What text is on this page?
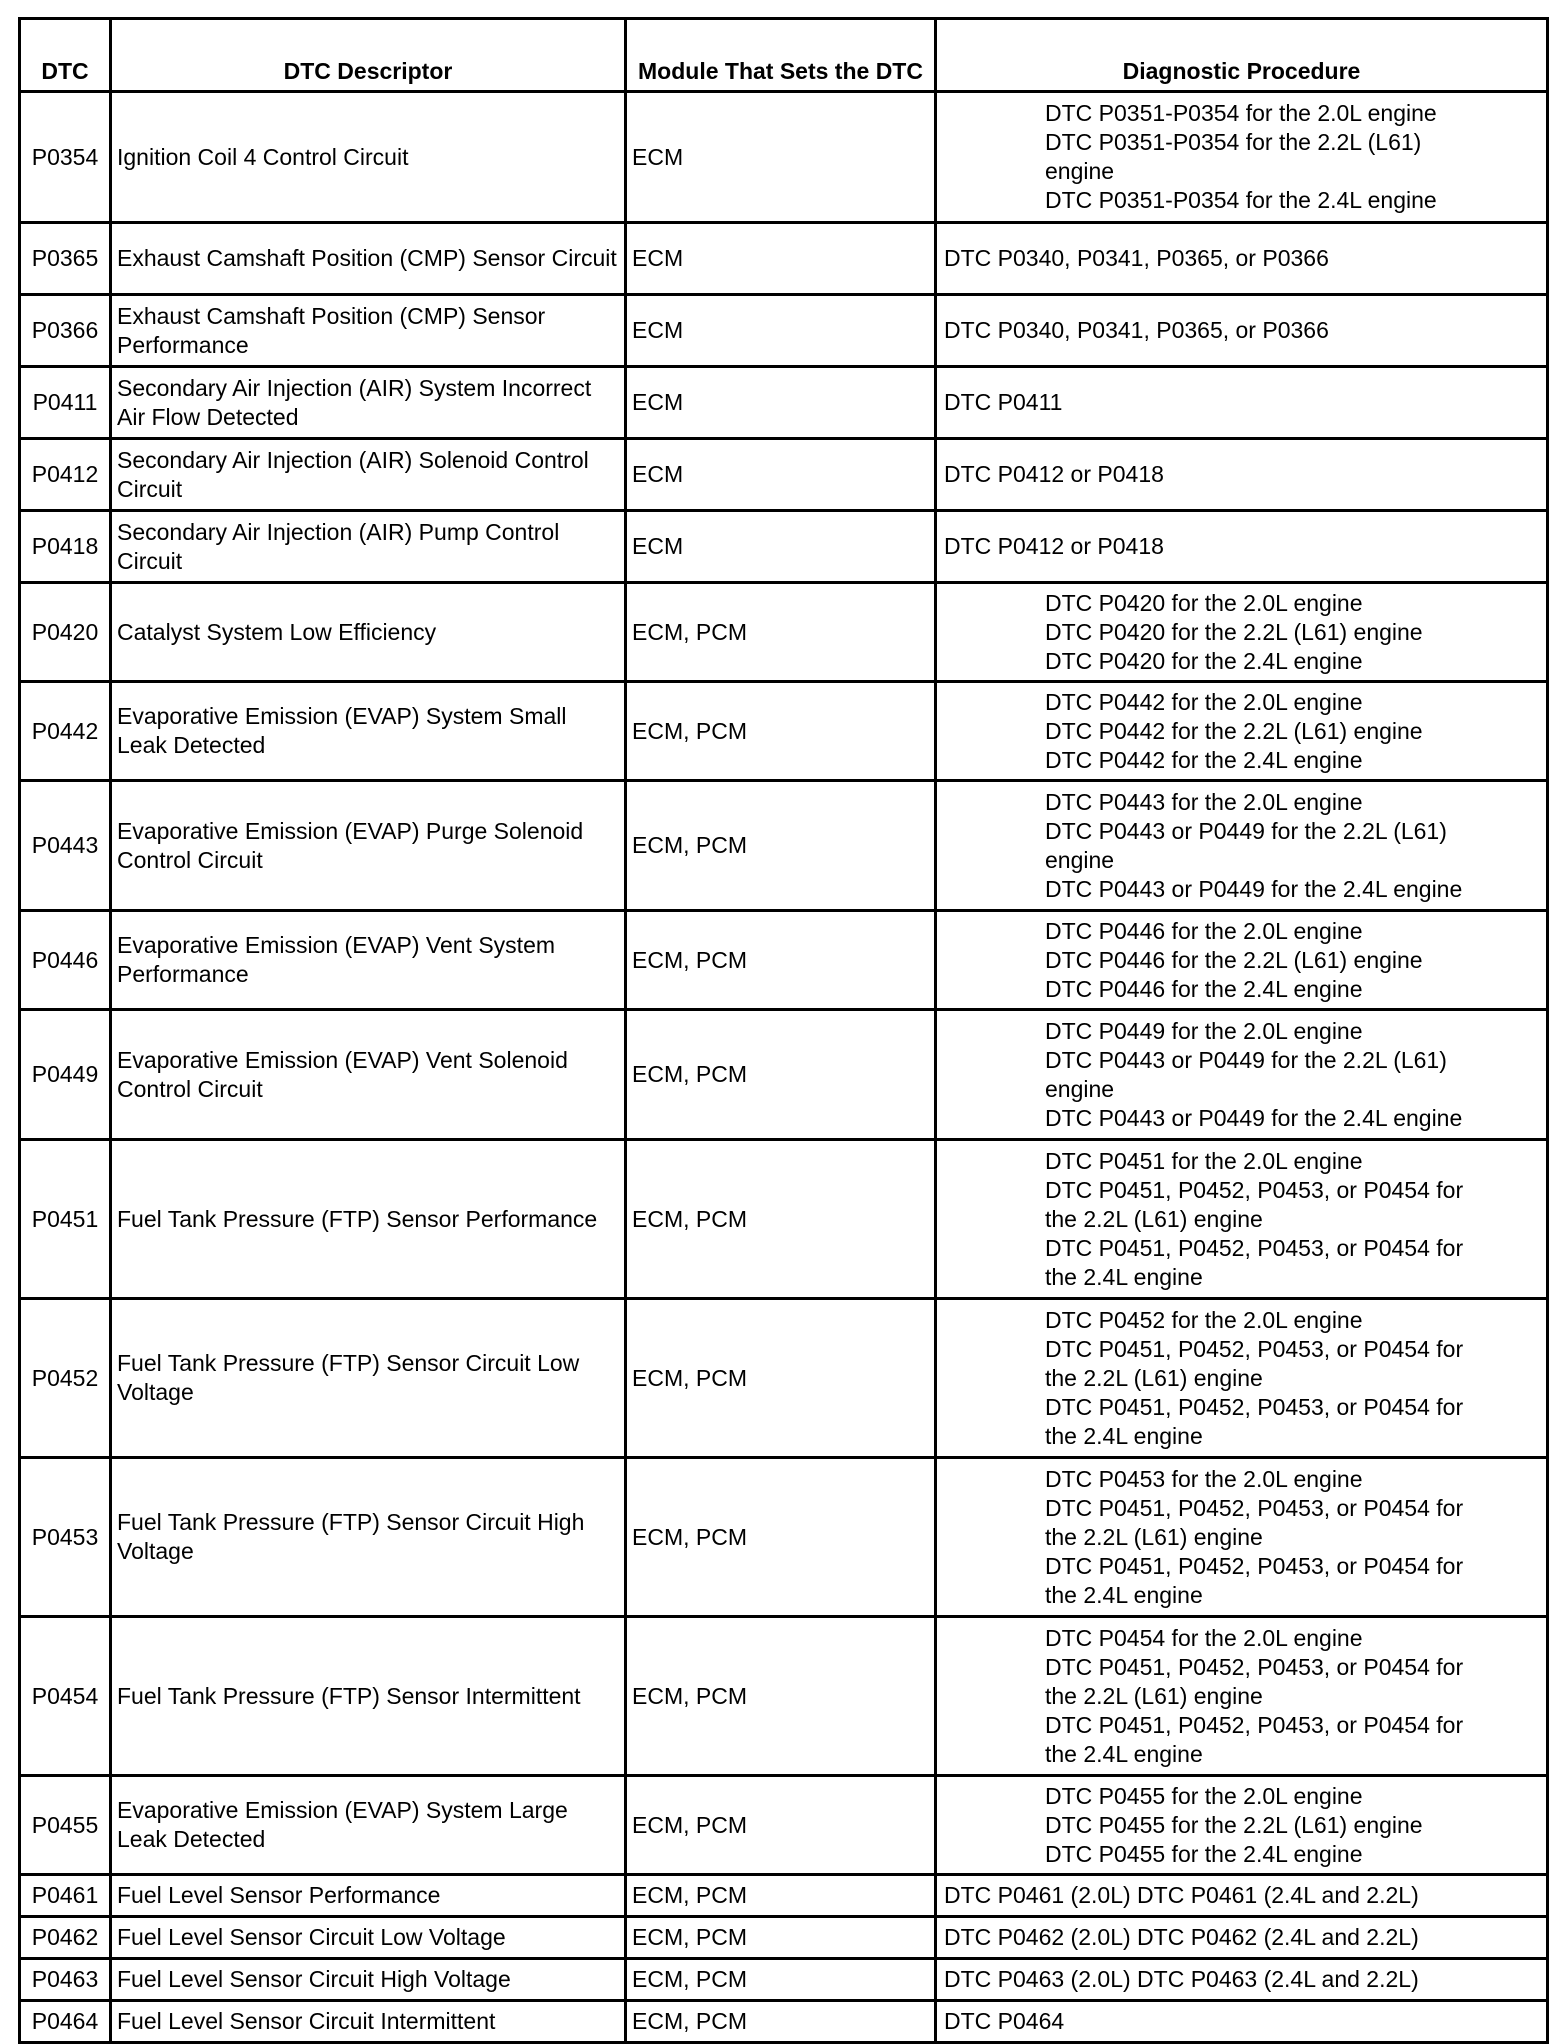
DTC	DTC Descriptor	Module That Sets the DTC	Diagnostic Procedure
P0354	Ignition Coil 4 Control Circuit	ECM	DTC P0351-P0354 for the 2.0L engine
DTC P0351-P0354 for the 2.2L (L61)
engine
DTC P0351-P0354 for the 2.4L engine

P0365	Exhaust Camshaft Position (CMP) Sensor Circuit	ECM	DTC P0340, P0341, P0365, or P0366

P0366	Exhaust Camshaft Position (CMP) Sensor Performance	ECM	DTC P0340, P0341, P0365, or P0366

P0411	Secondary Air Injection (AIR) System Incorrect Air Flow Detected	ECM	DTC P0411

P0412	Secondary Air Injection (AIR) Solenoid Control Circuit	ECM	DTC P0412 or P0418

P0418	Secondary Air Injection (AIR) Pump Control Circuit	ECM	DTC P0412 or P0418

P0420	Catalyst System Low Efficiency	ECM, PCM	DTC P0420 for the 2.0L engine
DTC P0420 for the 2.2L (L61) engine
DTC P0420 for the 2.4L engine

P0442	Evaporative Emission (EVAP) System Small Leak Detected	ECM, PCM	DTC P0442 for the 2.0L engine
DTC P0442 for the 2.2L (L61) engine
DTC P0442 for the 2.4L engine

P0443	Evaporative Emission (EVAP) Purge Solenoid Control Circuit	ECM, PCM	DTC P0443 for the 2.0L engine
DTC P0443 or P0449 for the 2.2L (L61)
engine
DTC P0443 or P0449 for the 2.4L engine

P0446	Evaporative Emission (EVAP) Vent System Performance	ECM, PCM	DTC P0446 for the 2.0L engine
DTC P0446 for the 2.2L (L61) engine
DTC P0446 for the 2.4L engine

P0449	Evaporative Emission (EVAP) Vent Solenoid Control Circuit	ECM, PCM	DTC P0449 for the 2.0L engine
DTC P0443 or P0449 for the 2.2L (L61)
engine
DTC P0443 or P0449 for the 2.4L engine

P0451	Fuel Tank Pressure (FTP) Sensor Performance	ECM, PCM	DTC P0451 for the 2.0L engine
DTC P0451, P0452, P0453, or P0454 for
the 2.2L (L61) engine
DTC P0451, P0452, P0453, or P0454 for
the 2.4L engine

P0452	Fuel Tank Pressure (FTP) Sensor Circuit Low Voltage	ECM, PCM	DTC P0452 for the 2.0L engine
DTC P0451, P0452, P0453, or P0454 for
the 2.2L (L61) engine
DTC P0451, P0452, P0453, or P0454 for
the 2.4L engine

P0453	Fuel Tank Pressure (FTP) Sensor Circuit High Voltage	ECM, PCM	DTC P0453 for the 2.0L engine
DTC P0451, P0452, P0453, or P0454 for
the 2.2L (L61) engine
DTC P0451, P0452, P0453, or P0454 for
the 2.4L engine

P0454	Fuel Tank Pressure (FTP) Sensor Intermittent	ECM, PCM	DTC P0454 for the 2.0L engine
DTC P0451, P0452, P0453, or P0454 for
the 2.2L (L61) engine
DTC P0451, P0452, P0453, or P0454 for
the 2.4L engine

P0455	Evaporative Emission (EVAP) System Large Leak Detected	ECM, PCM	DTC P0455 for the 2.0L engine
DTC P0455 for the 2.2L (L61) engine
DTC P0455 for the 2.4L engine

P0461	Fuel Level Sensor Performance	ECM, PCM	DTC P0461 (2.0L) DTC P0461 (2.4L and 2.2L)

P0462	Fuel Level Sensor Circuit Low Voltage	ECM, PCM	DTC P0462 (2.0L) DTC P0462 (2.4L and 2.2L)

P0463	Fuel Level Sensor Circuit High Voltage	ECM, PCM	DTC P0463 (2.0L) DTC P0463 (2.4L and 2.2L)

P0464	Fuel Level Sensor Circuit Intermittent	ECM, PCM	DTC P0464
